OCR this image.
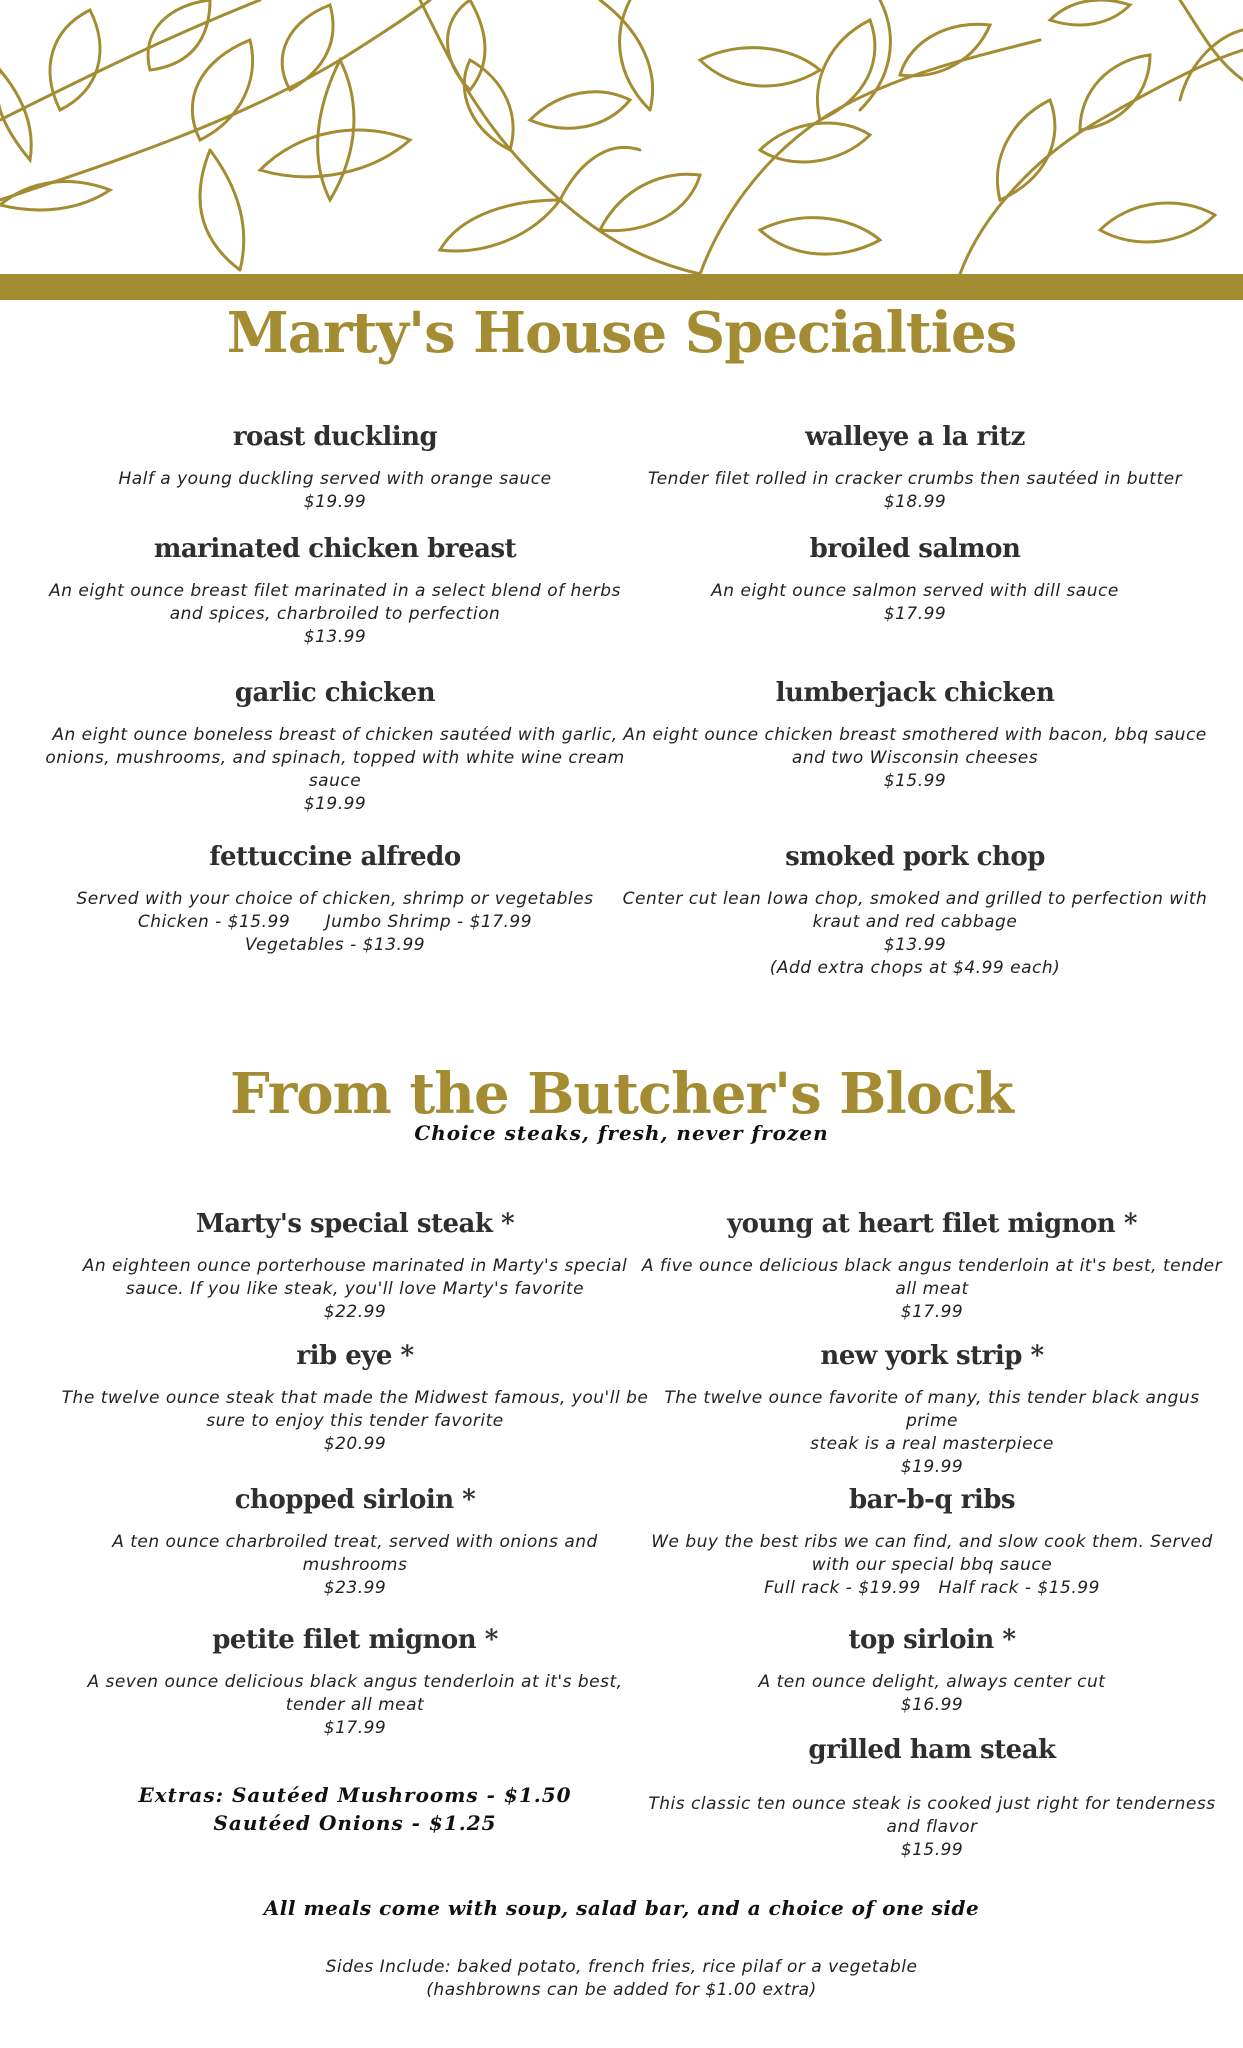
Marty's House Specialties

roast duckling

Half a young duckling served with orange sauce
$19.99

walleye a la ritz

Tender filet rolled in cracker crumbs then sautéed in butter
$18.99

marinated chicken breast

An eight ounce breast filet marinated in a select blend of herbs
and spices, charbroiled to perfection
$13.99

broiled salmon

An eight ounce salmon served with dill sauce
$17.99

garlic chicken

An eight ounce boneless breast of chicken sautéed with garlic,
onions, mushrooms, and spinach, topped with white wine cream
sauce
$19.99

lumberjack chicken

An eight ounce chicken breast smothered with bacon, bbq sauce
and two Wisconsin cheeses
$15.99

fettuccine alfredo

Served with your choice of chicken, shrimp or vegetables
Chicken - $15.99      Jumbo Shrimp - $17.99
Vegetables - $13.99

smoked pork chop

Center cut lean Iowa chop, smoked and grilled to perfection with
kraut and red cabbage
$13.99
(Add extra chops at $4.99 each)
From the Butcher's Block
Choice steaks, fresh, never frozen

Marty's special steak *

An eighteen ounce porterhouse marinated in Marty's special
sauce. If you like steak, you'll love Marty's favorite
$22.99

young at heart filet mignon *

A five ounce delicious black angus tenderloin at it's best, tender
all meat
$17.99

rib eye *

The twelve ounce steak that made the Midwest famous, you'll be
sure to enjoy this tender favorite
$20.99

new york strip *

The twelve ounce favorite of many, this tender black angus prime
steak is a real masterpiece
$19.99

chopped sirloin *

A ten ounce charbroiled treat, served with onions and
mushrooms
$23.99

bar-b-q ribs

We buy the best ribs we can find, and slow cook them. Served
with our special bbq sauce
Full rack - $19.99   Half rack - $15.99

petite filet mignon *

A seven ounce delicious black angus tenderloin at it's best,
tender all meat
$17.99

top sirloin *

A ten ounce delight, always center cut
$16.99

grilled ham steak

This classic ten ounce steak is cooked just right for tenderness
and flavor
$15.99
Extras: Sautéed Mushrooms - $1.50
Sautéed Onions - $1.25
All meals come with soup, salad bar, and a choice of one side
Sides Include: baked potato, french fries, rice pilaf or a vegetable
(hashbrowns can be added for $1.00 extra)
